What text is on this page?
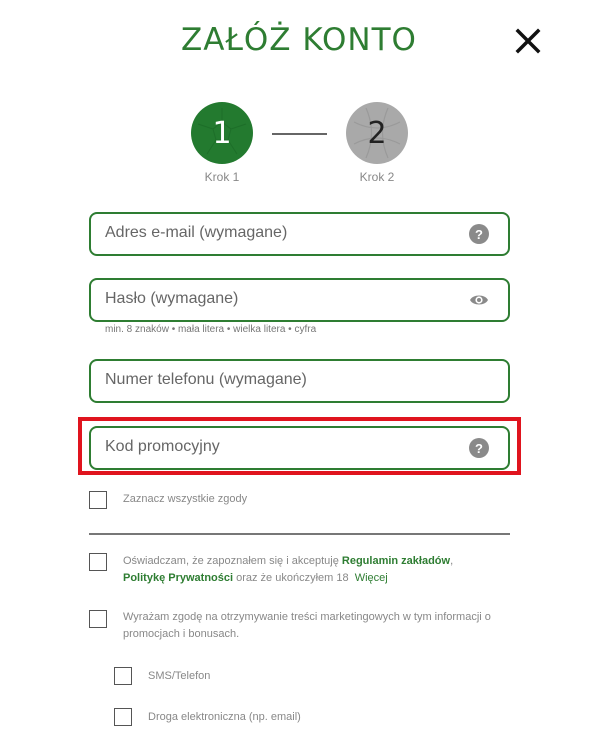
ZAŁÓŻ KONTO
1
Krok 1
2
Krok 2
Adres e-mail (wymagane)
?
min. 8 znaków • mała litera • wielka litera • cyfra
Numer telefonu (wymagane)
Kod promocyjny
?
Zaznacz wszystkie zgody
Oświadczam, że zapoznałem się i akceptuję Regulamin zakładów,
Politykę Prywatności oraz że ukończyłem 18 Więcej
Wyrażam zgodę na otrzymywanie treści marketingowych w tym informacji o promocjach i bonusach.
SMS/Telefon
Droga elektroniczna (np. email)
